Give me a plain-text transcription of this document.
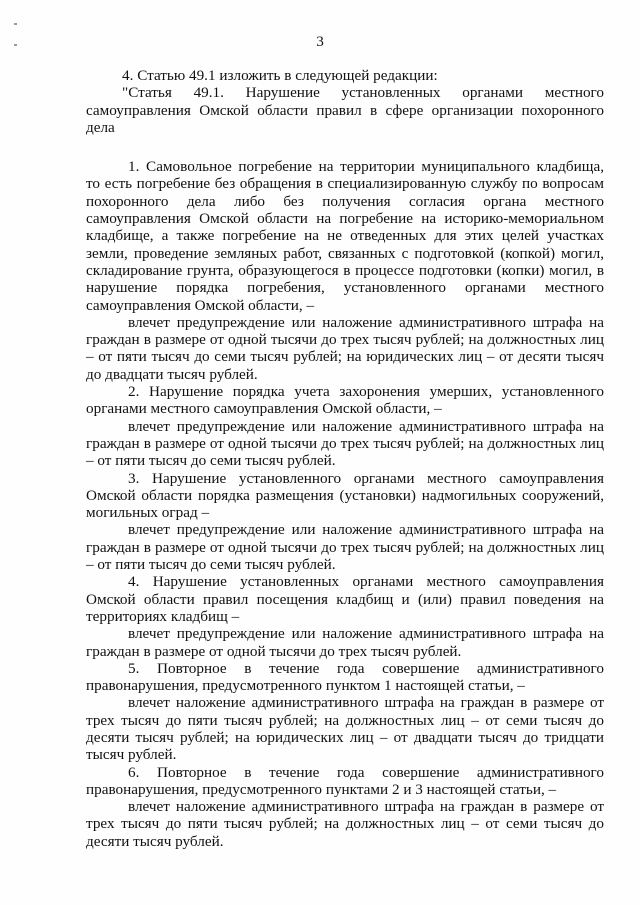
3

4. Статью 49.1 изложить в следующей редакции:

"Статья 49.1. Нарушение установленных органами местного самоуправления Омской области правил в сфере организации похоронного дела

1. Самовольное погребение на территории муниципального кладбища, то есть погребение без обращения в специализированную службу по вопросам похоронного дела либо без получения согласия органа местного самоуправления Омской области на погребение на историко-мемориальном кладбище, а также погребение на не отведенных для этих целей участках земли, проведение земляных работ, связанных с подготовкой (копкой) могил, складирование грунта, образующегося в процессе подготовки (копки) могил, в нарушение порядка погребения, установленного органами местного самоуправления Омской области, –

влечет предупреждение или наложение административного штрафа на граждан в размере от одной тысячи до трех тысяч рублей; на должностных лиц – от пяти тысяч до семи тысяч рублей; на юридических лиц – от десяти тысяч до двадцати тысяч рублей.

2. Нарушение порядка учета захоронения умерших, установленного органами местного самоуправления Омской области, –

влечет предупреждение или наложение административного штрафа на граждан в размере от одной тысячи до трех тысяч рублей; на должностных лиц – от пяти тысяч до семи тысяч рублей.

3. Нарушение установленного органами местного самоуправления Омской области порядка размещения (установки) надмогильных сооружений, могильных оград –

влечет предупреждение или наложение административного штрафа на граждан в размере от одной тысячи до трех тысяч рублей; на должностных лиц – от пяти тысяч до семи тысяч рублей.

4. Нарушение установленных органами местного самоуправления Омской области правил посещения кладбищ и (или) правил поведения на территориях кладбищ –

влечет предупреждение или наложение административного штрафа на граждан в размере от одной тысячи до трех тысяч рублей.

5. Повторное в течение года совершение административного правонарушения, предусмотренного пунктом 1 настоящей статьи, –

влечет наложение административного штрафа на граждан в размере от трех тысяч до пяти тысяч рублей; на должностных лиц – от семи тысяч до десяти тысяч рублей; на юридических лиц – от двадцати тысяч до тридцати тысяч рублей.

6. Повторное в течение года совершение административного правонарушения, предусмотренного пунктами 2 и 3 настоящей статьи, –

влечет наложение административного штрафа на граждан в размере от трех тысяч до пяти тысяч рублей; на должностных лиц – от семи тысяч до десяти тысяч рублей.
